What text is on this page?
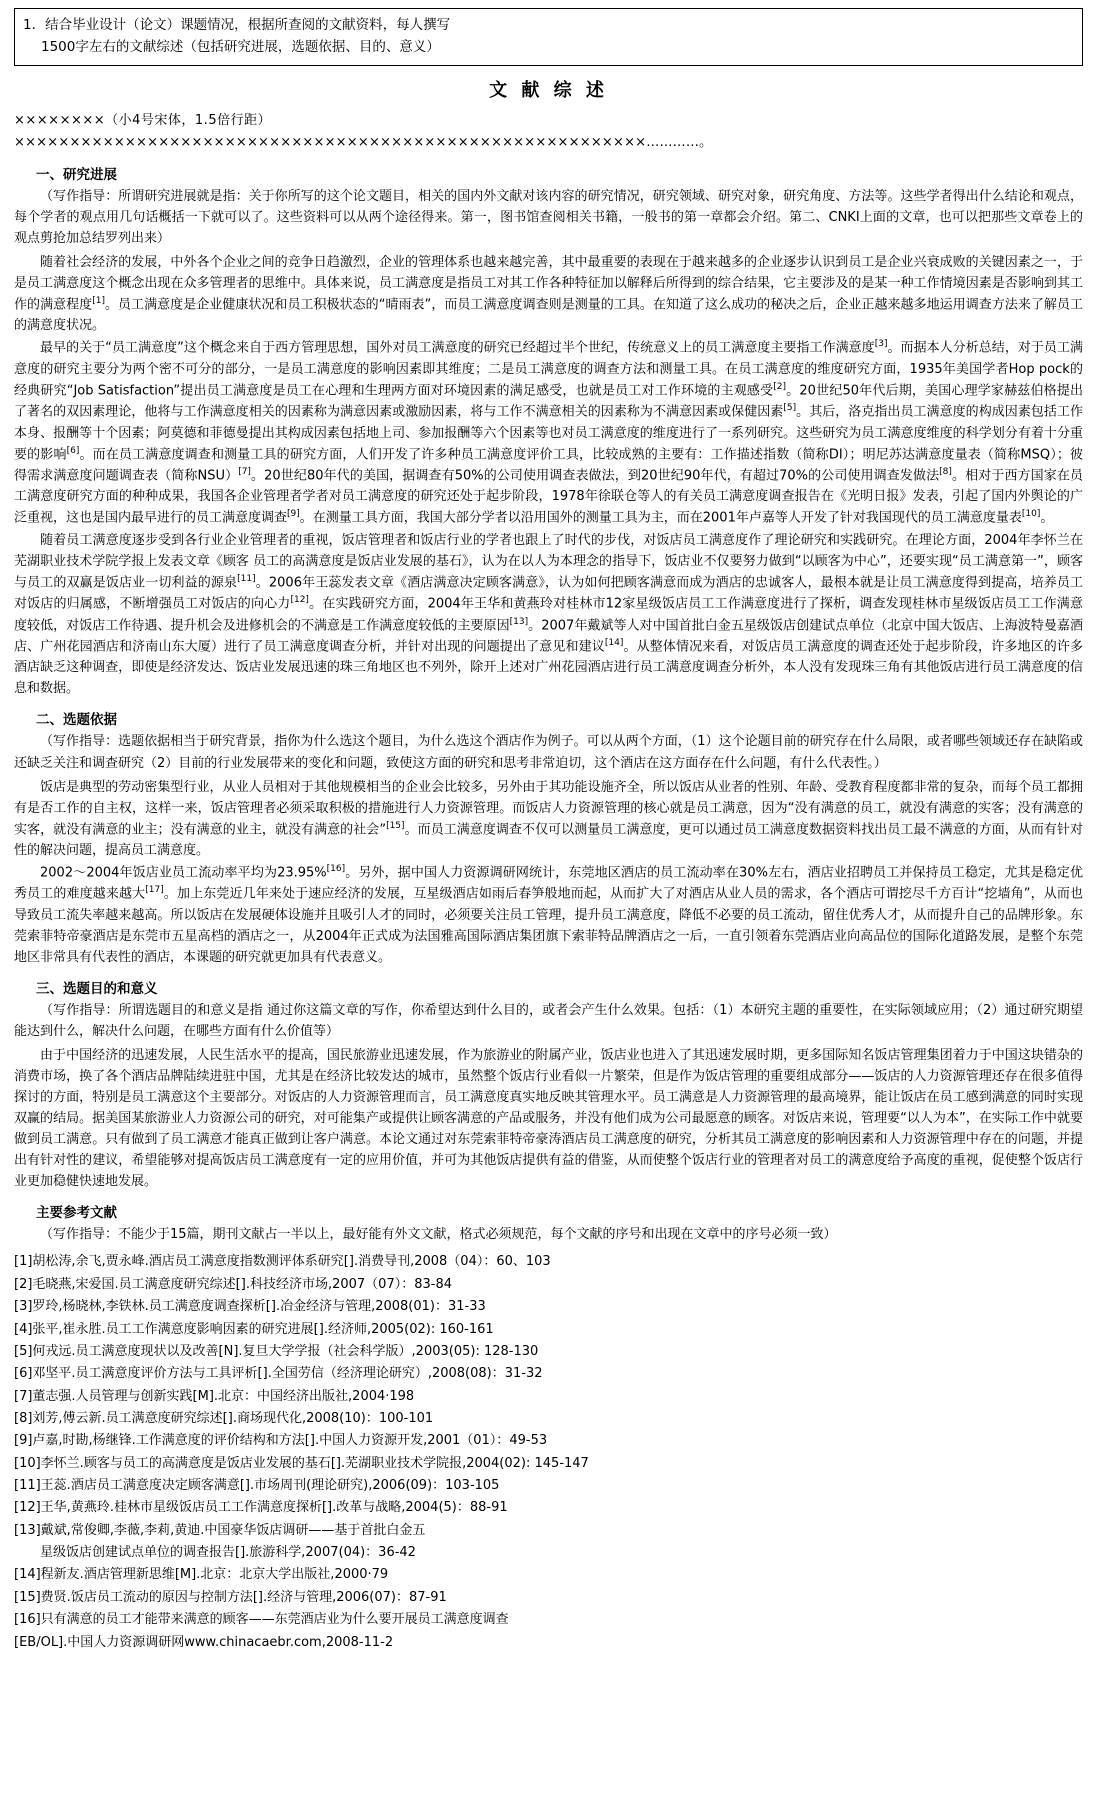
1．结合毕业设计（论文）课题情况，根据所查阅的文献资料，每人撰写
1500字左右的文献综述（包括研究进展，选题依据、目的、意义）
文 献 综 述
××××××××（小4号宋体，1.5倍行距）
×××××××××××××××××××××××××××××××××××××××××××××××××××××××××…………。
一、研究进展

（写作指导：所谓研究进展就是指：关于你所写的这个论文题目，相关的国内外文献对该内容的研究情况，研究领域、研究对象，研究角度、方法等。这些学者得出什么结论和观点，每个学者的观点用几句话概括一下就可以了。这些资料可以从两个途径得来。第一，图书馆查阅相关书籍，一般书的第一章都会介绍。第二、CNKI上面的文章，也可以把那些文章卷上的观点剪抢加总结罗列出来）

随着社会经济的发展，中外各个企业之间的竞争日趋激烈，企业的管理体系也越来越完善，其中最重要的表现在于越来越多的企业逐步认识到员工是企业兴衰成败的关键因素之一，于是员工满意度这个概念出现在众多管理者的思维中。具体来说，员工满意度是指员工对其工作各种特征加以解释后所得到的综合结果，它主要涉及的是某一种工作情境因素是否影响到其工作的满意程度[1]。员工满意度是企业健康状况和员工积极状态的“晴雨表”，而员工满意度调查则是测量的工具。在知道了这么成功的秘决之后，企业正越来越多地运用调查方法来了解员工的满意度状况。

最早的关于“员工满意度”这个概念来自于西方管理思想，国外对员工满意度的研究已经超过半个世纪，传统意义上的员工满意度主要指工作满意度[3]。而据本人分析总结，对于员工满意度的研究主要分为两个密不可分的部分，一是员工满意度的影响因素即其维度；二是员工满意度的调查方法和测量工具。在员工满意度的维度研究方面，1935年美国学者Hop pock的经典研究“Job Satisfaction”提出员工满意度是员工在心理和生理两方面对环境因素的满足感受，也就是员工对工作环境的主观感受[2]。20世纪50年代后期，美国心理学家赫兹伯格提出了著名的双因素理论，他将与工作满意度相关的因素称为满意因素或激励因素，将与工作不满意相关的因素称为不满意因素或保健因素[5]。其后，洛克指出员工满意度的构成因素包括工作本身、报酬等十个因素；阿莫德和菲德曼提出其构成因素包括地上司、参加报酬等六个因素等也对员工满意度的维度进行了一系列研究。这些研究为员工满意度维度的科学划分有着十分重要的影响[6]。而在员工满意度调查和测量工具的研究方面，人们开发了许多种员工满意度评价工具，比较成熟的主要有：工作描述指数（简称DI）；明尼苏达满意度量表（简称MSQ）；彼得需求满意度问题调查表（简称NSU）[7]。20世纪80年代的美国，据调查有50%的公司使用调查表做法，到20世纪90年代，有超过70%的公司使用调查发做法[8]。相对于西方国家在员工满意度研究方面的种种成果，我国各企业管理者学者对员工满意度的研究还处于起步阶段，1978年徐联仓等人的有关员工满意度调查报告在《光明日报》发表，引起了国内外舆论的广泛重视，这也是国内最早进行的员工满意度调查[9]。在测量工具方面，我国大部分学者以沿用国外的测量工具为主，而在2001年卢嘉等人开发了针对我国现代的员工满意度量表[10]。

随着员工满意度逐步受到各行业企业管理者的重视，饭店管理者和饭店行业的学者也跟上了时代的步伐，对饭店员工满意度作了理论研究和实践研究。在理论方面，2004年李怀兰在芜湖职业技术学院学报上发表文章《顾客 员工的高满意度是饭店业发展的基石》，认为在以人为本理念的指导下，饭店业不仅要努力做到“以顾客为中心”，还要实现“员工满意第一”，顾客与员工的双赢是饭店业一切利益的源泉[11]。2006年王蕊发表文章《酒店满意决定顾客满意》，认为如何把顾客满意而成为酒店的忠诚客人，最根本就是让员工满意度得到提高，培养员工对饭店的归属感，不断增强员工对饭店的向心力[12]。在实践研究方面，2004年王华和黄燕玲对桂林市12家星级饭店员工工作满意度进行了探析，调查发现桂林市星级饭店员工工作满意度较低，对饭店工作待遇、提升机会及进修机会的不满意是工作满意度较低的主要原因[13]。2007年戴斌等人对中国首批白金五星级饭店创建试点单位（北京中国大饭店、上海波特曼嘉酒店、广州花园酒店和济南山东大厦）进行了员工满意度调查分析，并针对出现的问题提出了意见和建议[14]。从整体情况来看，对饭店员工满意度的调查还处于起步阶段，许多地区的许多酒店缺乏这种调查，即使是经济发达、饭店业发展迅速的珠三角地区也不列外，除开上述对广州花园酒店进行员工满意度调查分析外，本人没有发现珠三角有其他饭店进行员工满意度的信息和数据。

二、选题依据

（写作指导：选题依据相当于研究背景，指你为什么选这个题目，为什么选这个酒店作为例子。可以从两个方面，（1）这个论题目前的研究存在什么局限，或者哪些领域还存在缺陷或还缺乏关注和调查研究（2）目前的行业发展带来的变化和问题，致使这方面的研究和思考非常迫切，这个酒店在这方面存在什么问题，有什么代表性。）

饭店是典型的劳动密集型行业，从业人员相对于其他规模相当的企业会比较多，另外由于其功能设施齐全，所以饭店从业者的性别、年龄、受教育程度都非常的复杂，而每个员工都拥有是否工作的自主权，这样一来，饭店管理者必须采取积极的措施进行人力资源管理。而饭店人力资源管理的核心就是员工满意，因为“没有满意的员工，就没有满意的实客；没有满意的实客，就没有满意的业主；没有满意的业主，就没有满意的社会”[15]。而员工满意度调查不仅可以测量员工满意度，更可以通过员工满意度数据资料找出员工最不满意的方面，从而有针对性的解决问题，提高员工满意度。

2002～2004年饭店业员工流动率平均为23.95%[16]。另外，据中国人力资源调研网统计，东莞地区酒店的员工流动率在30%左右，酒店业招聘员工并保持员工稳定，尤其是稳定优秀员工的难度越来越大[17]。加上东莞近几年来处于速应经济的发展，互星级酒店如雨后春笋般地而起，从而扩大了对酒店从业人员的需求，各个酒店可谓挖尽千方百计“挖墙角”，从而也导致员工流失率越来越高。所以饭店在发展硬体设施并且吸引人才的同时，必须要关注员工管理，提升员工满意度，降低不必要的员工流动，留住优秀人才，从而提升自己的品牌形象。东莞索菲特帝豪酒店是东莞市五星高档的酒店之一，从2004年正式成为法国雅高国际酒店集团旗下索菲特品牌酒店之一后，一直引领着东莞酒店业向高品位的国际化道路发展，是整个东莞地区非常具有代表性的酒店，本课题的研究就更加具有代表意义。

三、选题目的和意义

（写作指导：所谓选题目的和意义是指 通过你这篇文章的写作，你希望达到什么目的，或者会产生什么效果。包括：（1）本研究主题的重要性，在实际领域应用；（2）通过研究期望能达到什么，解决什么问题，在哪些方面有什么价值等）

由于中国经济的迅速发展，人民生活水平的提高，国民旅游业迅速发展，作为旅游业的附属产业，饭店业也进入了其迅速发展时期，更多国际知名饭店管理集团着力于中国这块错杂的消费市场，换了各个酒店品牌陆续进驻中国，尤其是在经济比较发达的城市，虽然整个饭店行业看似一片繁荣，但是作为饭店管理的重要组成部分——饭店的人力资源管理还存在很多值得探讨的方面，特别是员工满意这个主要部分。对饭店的人力资源管理而言，员工满意度真实地反映其管理水平。员工满意是人力资源管理的最高境界，能让饭店在员工感到满意的同时实现双赢的结局。据美国某旅游业人力资源公司的研究，对可能集产或提供让顾客满意的产品或服务，并没有他们成为公司最愿意的顾客。对饭店来说，管理要“以人为本”，在实际工作中就要做到员工满意。只有做到了员工满意才能真正做到让客户满意。本论文通过对东莞索菲特帝豪涛酒店员工满意度的研究，分析其员工满意度的影响因素和人力资源管理中存在的问题，并提出有针对性的建议，希望能够对提高饭店员工满意度有一定的应用价值，并可为其他饭店提供有益的借鉴，从而使整个饭店行业的管理者对员工的满意度给予高度的重视，促使整个饭店行业更加稳健快速地发展。

主要参考文献

（写作指导：不能少于15篇，期刊文献占一半以上，最好能有外文文献，格式必须规范，每个文献的序号和出现在文章中的序号必须一致）

[1]胡松涛,余飞,贾永峰.酒店员工满意度指数测评体系研究[].消费导刊,2008（04）：60、103
[2]毛晓燕,宋爱国.员工满意度研究综述[].科技经济市场,2007（07）：83-84
[3]罗玲,杨晓林,李铁林.员工满意度调查探析[].冶金经济与管理,2008(01)：31-33
[4]张平,崔永胜.员工工作满意度影响因素的研究进展[].经济师,2005(02): 160-161
[5]何戎远.员工满意度现状以及改善[N].复旦大学学报（社会科学版）,2003(05): 128-130
[6]邓坚平.员工满意度评价方法与工具评析[].全国劳信（经济理论研究）,2008(08)：31-32
[7]董志强.人员管理与创新实践[M].北京：中国经济出版社,2004·198
[8]刘芳,傅云新.员工满意度研究综述[].商场现代化,2008(10)：100-101
[9]卢嘉,时勘,杨继锋.工作满意度的评价结构和方法[].中国人力资源开发,2001（01）：49-53
[10]李怀兰.顾客与员工的高满意度是饭店业发展的基石[].芜湖职业技术学院报,2004(02): 145-147
[11]王蕊.酒店员工满意度决定顾客满意[].市场周刊(理论研究),2006(09)：103-105
[12]王华,黄燕玲.桂林市星级饭店员工工作满意度探析[].改革与战略,2004(5)：88-91
[13]戴斌,常俊卿,李薇,李莉,黄迪.中国豪华饭店调研——基于首批白金五
星级饭店创建试点单位的调查报告[].旅游科学,2007(04)：36-42
[14]程新友.酒店管理新思维[M].北京：北京大学出版社,2000·79
[15]费贤.饭店员工流动的原因与控制方法[].经济与管理,2006(07)：87-91
[16]只有满意的员工才能带来满意的顾客——东莞酒店业为什么要开展员工满意度调查
[EB/OL].中国人力资源调研网www.chinacaebr.com,2008-11-2
